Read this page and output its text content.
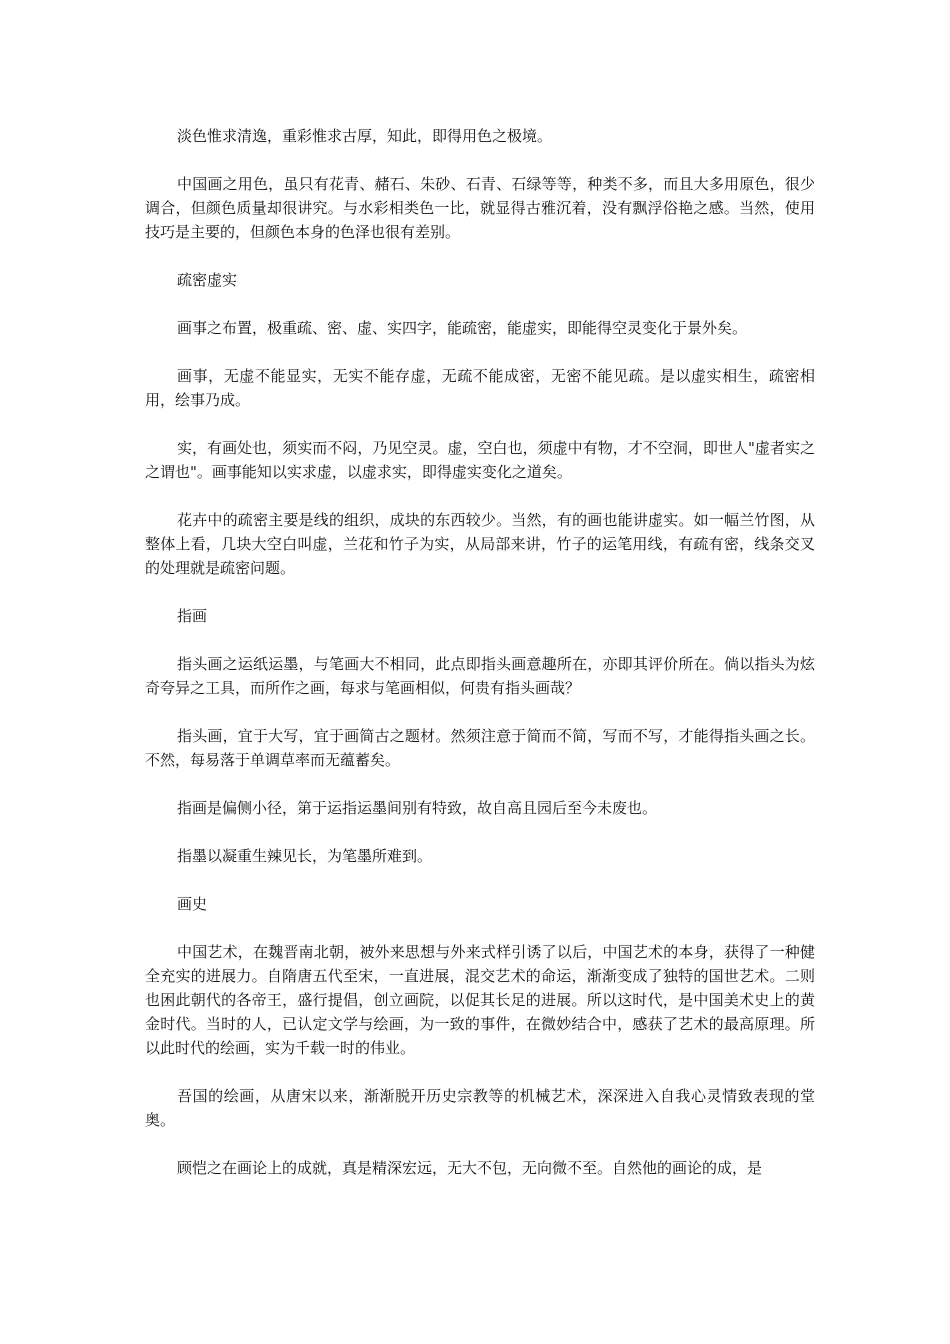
淡色惟求清逸，重彩惟求古厚，知此，即得用色之极境。

中国画之用色，虽只有花青、赭石、朱砂、石青、石绿等等，种类不多，而且大多用原色，很少调合，但颜色质量却很讲究。与水彩相类色一比，就显得古雅沉着，没有飘浮俗艳之感。当然，使用技巧是主要的，但颜色本身的色泽也很有差别。

疏密虚实

画事之布置，极重疏、密、虚、实四字，能疏密，能虚实，即能得空灵变化于景外矣。

画事，无虚不能显实，无实不能存虚，无疏不能成密，无密不能见疏。是以虚实相生，疏密相用，绘事乃成。

实，有画处也，须实而不闷，乃见空灵。虚，空白也，须虚中有物，才不空洞，即世人"虚者实之之谓也"。画事能知以实求虚，以虚求实，即得虚实变化之道矣。

花卉中的疏密主要是线的组织，成块的东西较少。当然，有的画也能讲虚实。如一幅兰竹图，从整体上看，几块大空白叫虚，兰花和竹子为实，从局部来讲，竹子的运笔用线，有疏有密，线条交叉的处理就是疏密问题。

指画

指头画之运纸运墨，与笔画大不相同，此点即指头画意趣所在，亦即其评价所在。倘以指头为炫奇夸异之工具，而所作之画，每求与笔画相似，何贵有指头画哉？

指头画，宜于大写，宜于画简古之题材。然须注意于简而不简，写而不写，才能得指头画之长。不然，每易落于单调草率而无蕴蓄矣。

指画是偏侧小径，第于运指运墨间别有特致，故自高且园后至今未废也。

指墨以凝重生辣见长，为笔墨所难到。

画史

中国艺术，在魏晋南北朝，被外来思想与外来式样引诱了以后，中国艺术的本身，获得了一种健全充实的进展力。自隋唐五代至宋，一直进展，混交艺术的命运，渐渐变成了独特的国世艺术。二则也困此朝代的各帝王，盛行提倡，创立画院，以促其长足的进展。所以这时代，是中国美术史上的黄金时代。当时的人，已认定文学与绘画，为一致的事件，在微妙结合中，感获了艺术的最高原理。所以此时代的绘画，实为千载一时的伟业。

吾国的绘画，从唐宋以来，渐渐脱开历史宗教等的机械艺术，深深进入自我心灵情致表现的堂奥。

顾恺之在画论上的成就，真是精深宏远，无大不包，无向微不至。自然他的画论的成，是
